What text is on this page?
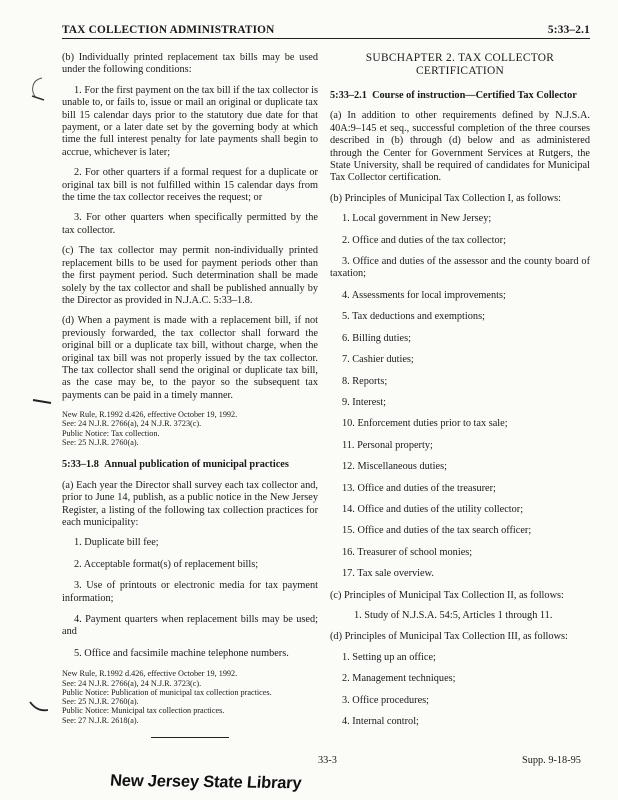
TAX COLLECTION ADMINISTRATION	5:33–2.1

(b) Individually printed replacement tax bills may be used under the following conditions:

1. For the first payment on the tax bill if the tax collector is unable to, or fails to, issue or mail an original or duplicate tax bill 15 calendar days prior to the statutory due date for that payment, or a later date set by the governing body at which time the full interest penalty for late payments shall begin to accrue, whichever is later;

2. For other quarters if a formal request for a duplicate or original tax bill is not fulfilled within 15 calendar days from the time the tax collector receives the request; or

3. For other quarters when specifically permitted by the tax collector.

(c) The tax collector may permit non-individually printed replacement bills to be used for payment periods other than the first payment period. Such determination shall be made solely by the tax collector and shall be published annually by the Director as provided in N.J.A.C. 5:33–1.8.

(d) When a payment is made with a replacement bill, if not previously forwarded, the tax collector shall forward the original bill or a duplicate tax bill, without charge, when the original tax bill was not properly issued by the tax collector. The tax collector shall send the original or duplicate tax bill, as the case may be, to the payor so the subsequent tax payments can be paid in a timely manner.

New Rule, R.1992 d.426, effective October 19, 1992.
See: 24 N.J.R. 2766(a), 24 N.J.R. 3723(c).
Public Notice: Tax collection.
See: 25 N.J.R. 2760(a).

5:33–1.8 Annual publication of municipal practices

(a) Each year the Director shall survey each tax collector and, prior to June 14, publish, as a public notice in the New Jersey Register, a listing of the following tax collection practices for each municipality:

1. Duplicate bill fee;

2. Acceptable format(s) of replacement bills;

3. Use of printouts or electronic media for tax payment information;

4. Payment quarters when replacement bills may be used; and

5. Office and facsimile machine telephone numbers.

New Rule, R.1992 d.426, effective October 19, 1992.
See: 24 N.J.R. 2766(a), 24 N.J.R. 3723(c).
Public Notice: Publication of municipal tax collection practices.
See: 25 N.J.R. 2760(a).
Public Notice: Municipal tax collection practices.
See: 27 N.J.R. 2618(a).
SUBCHAPTER 2. TAX COLLECTOR
CERTIFICATION

5:33–2.1 Course of instruction—Certified Tax Collector

(a) In addition to other requirements defined by N.J.S.A. 40A:9–145 et seq., successful completion of the three courses described in (b) through (d) below and as administered through the Center for Government Services at Rutgers, the State University, shall be required of candidates for Municipal Tax Collector certification.

(b) Principles of Municipal Tax Collection I, as follows:

1. Local government in New Jersey;

2. Office and duties of the tax collector;

3. Office and duties of the assessor and the county board of taxation;

4. Assessments for local improvements;

5. Tax deductions and exemptions;

6. Billing duties;

7. Cashier duties;

8. Reports;

9. Interest;

10. Enforcement duties prior to tax sale;

11. Personal property;

12. Miscellaneous duties;

13. Office and duties of the treasurer;

14. Office and duties of the utility collector;

15. Office and duties of the tax search officer;

16. Treasurer of school monies;

17. Tax sale overview.

(c) Principles of Municipal Tax Collection II, as follows:

1. Study of N.J.S.A. 54:5, Articles 1 through 11.

(d) Principles of Municipal Tax Collection III, as follows:

1. Setting up an office;

2. Management techniques;

3. Office procedures;

4. Internal control;

33-3	Supp. 9-18-95
New Jersey State Library
